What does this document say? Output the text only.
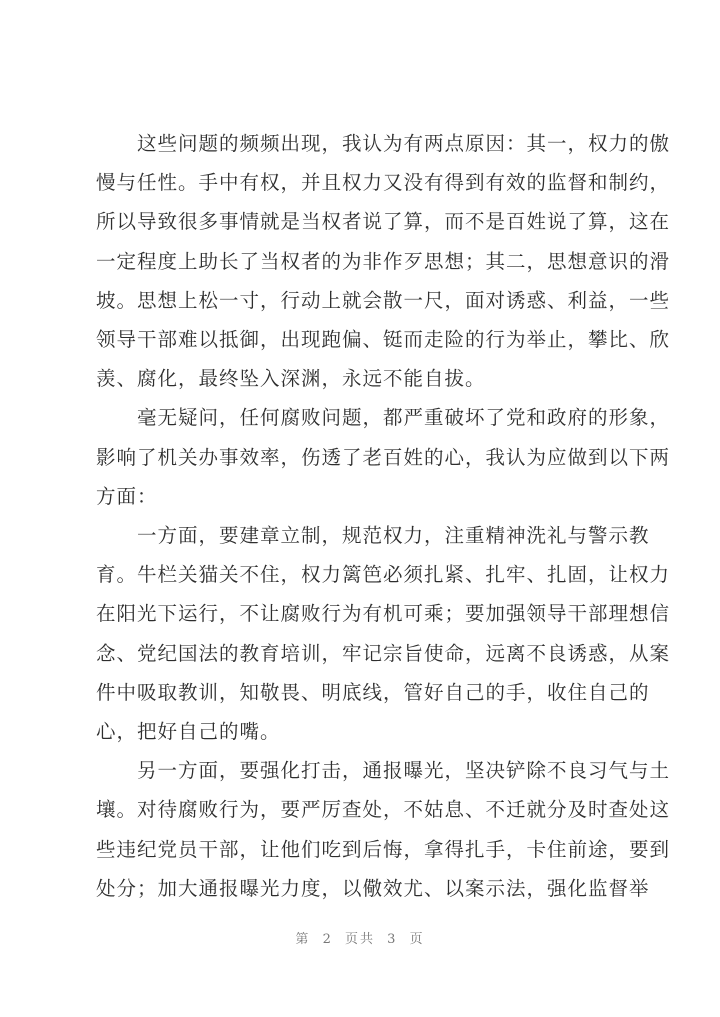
　　这些问题的频频出现，我认为有两点原因：其一，权力的傲
慢与任性。手中有权，并且权力又没有得到有效的监督和制约，
所以导致很多事情就是当权者说了算，而不是百姓说了算，这在
一定程度上助长了当权者的为非作歹思想；其二，思想意识的滑
坡。思想上松一寸，行动上就会散一尺，面对诱惑、利益，一些
领导干部难以抵御，出现跑偏、铤而走险的行为举止，攀比、欣
羡、腐化，最终坠入深渊，永远不能自拔。
　　毫无疑问，任何腐败问题，都严重破坏了党和政府的形象，
影响了机关办事效率，伤透了老百姓的心，我认为应做到以下两
方面：
　　一方面，要建章立制，规范权力，注重精神洗礼与警示教
育。牛栏关猫关不住，权力篱笆必须扎紧、扎牢、扎固，让权力
在阳光下运行，不让腐败行为有机可乘；要加强领导干部理想信
念、党纪国法的教育培训，牢记宗旨使命，远离不良诱惑，从案
件中吸取教训，知敬畏、明底线，管好自己的手，收住自己的
心，把好自己的嘴。
　　另一方面，要强化打击，通报曝光，坚决铲除不良习气与土
壤。对待腐败行为，要严厉查处，不姑息、不迁就分及时查处这
些违纪党员干部，让他们吃到后悔，拿得扎手，卡住前途，要到
第 2 页共 3 页
处分；加大通报曝光力度，以儆效尤、以案示法，强化监督举
